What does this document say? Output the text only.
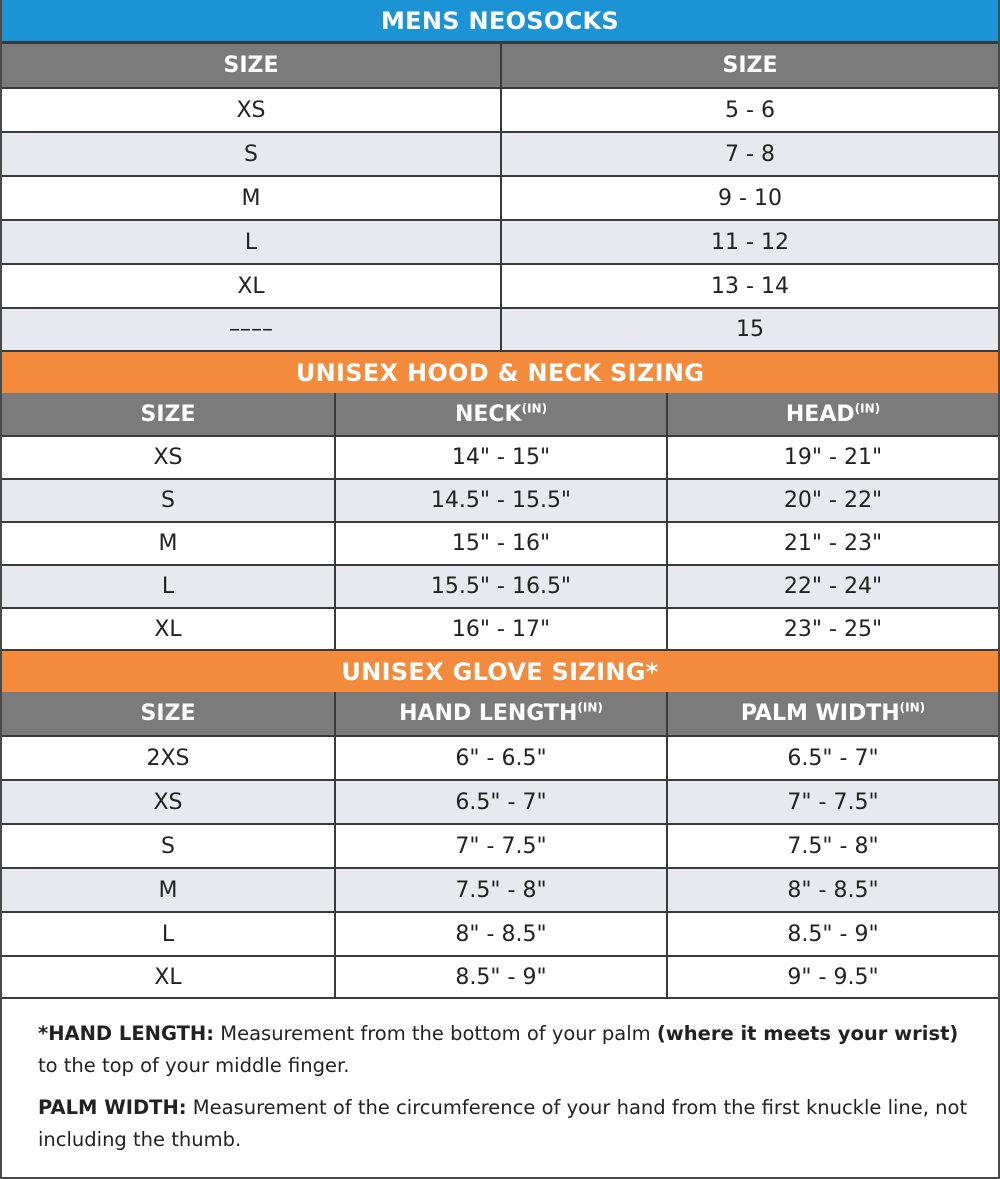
MENS NEOSOCKS
SIZE	SIZE
XS	5 - 6
S	7 - 8
M	9 - 10
L	11 - 12
XL	13 - 14
––––	15
UNISEX HOOD & NECK SIZING
SIZE	$NECK^{(IN)}$	$HEAD^{(IN)}$
XS	14" - 15"	19" - 21"
S	14.5" - 15.5"	20" - 22"
M	15" - 16"	21" - 23"
L	15.5" - 16.5"	22" - 24"
XL	16" - 17"	23" - 25"
UNISEX GLOVE SIZING*
SIZE	HAND $LENGTH^{(IN)}$	PALM $WIDTH^{(IN)}$
2XS	6" - 6.5"	6.5" - 7"
XS	6.5" - 7"	7" - 7.5"
S	7" - 7.5"	7.5" - 8"
M	7.5" - 8"	8" - 8.5"
L	8" - 8.5"	8.5" - 9"
XL	8.5" - 9"	9" - 9.5"

*HAND LENGTH: Measurement from the bottom of your palm (where it meets your wrist) to the top of your middle finger.

PALM WIDTH: Measurement of the circumference of your hand from the first knuckle line, not including the thumb.
